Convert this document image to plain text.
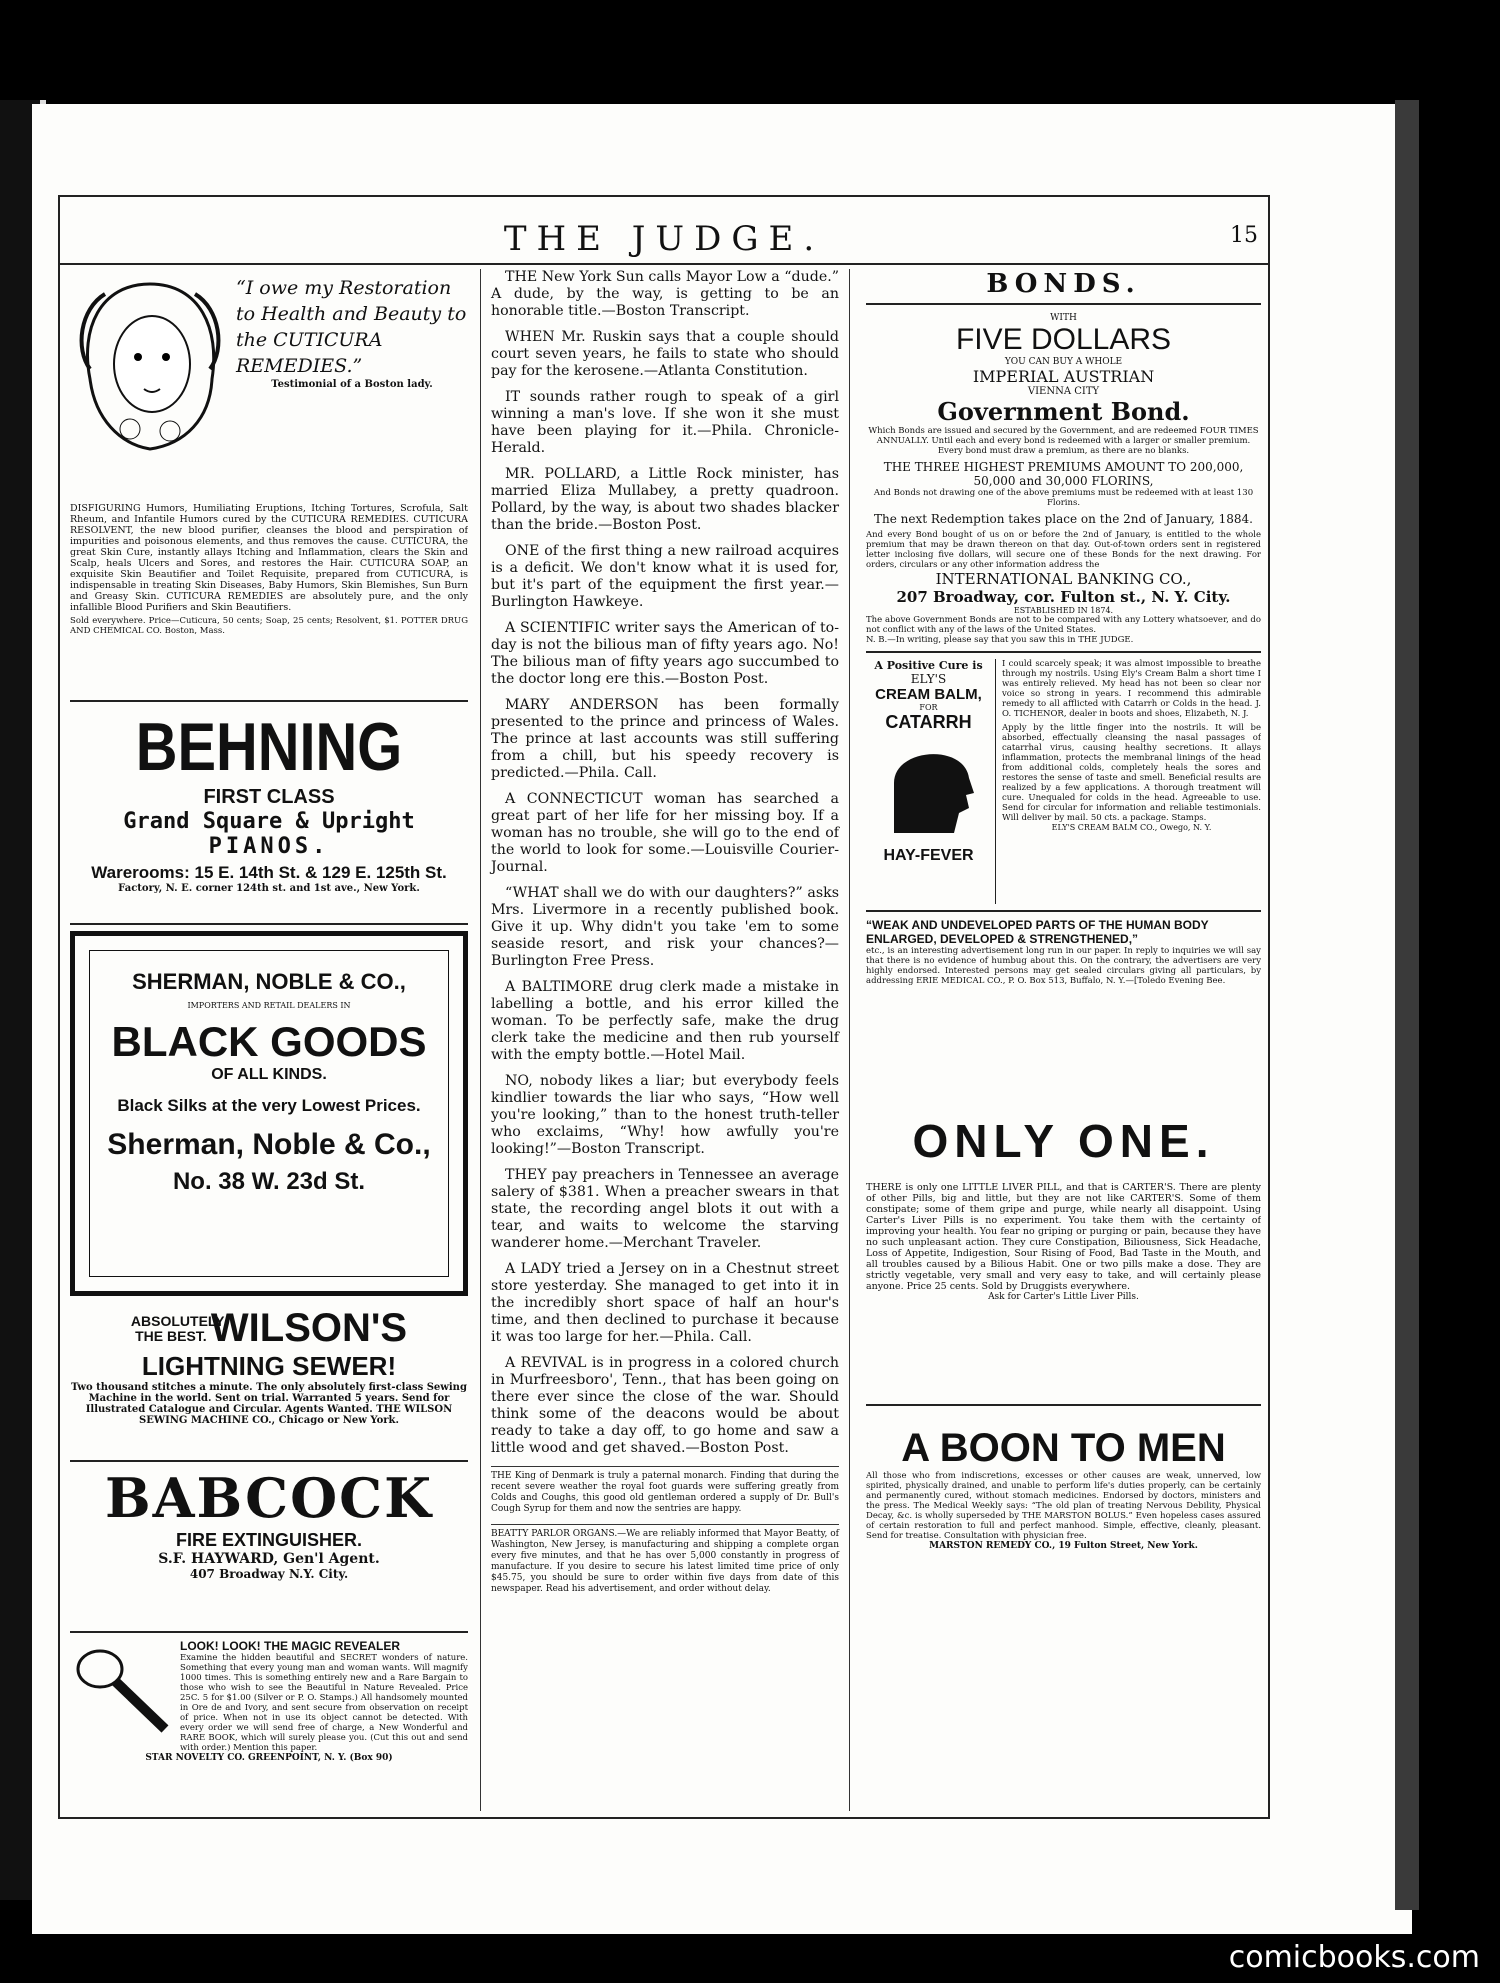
THE JUDGE.	15
“I owe my Restoration to Health and Beauty to the CUTICURA REMEDIES.”
Testimonial of a Boston lady.
DISFIGURING Humors, Humiliating Eruptions, Itching Tortures, Scrofula, Salt Rheum, and Infantile Humors cured by the CUTICURA REMEDIES. CUTICURA RESOLVENT, the new blood purifier, cleanses the blood and perspiration of impurities and poisonous elements, and thus removes the cause. CUTICURA, the great Skin Cure, instantly allays Itching and Inflammation, clears the Skin and Scalp, heals Ulcers and Sores, and restores the Hair. CUTICURA SOAP, an exquisite Skin Beautifier and Toilet Requisite, prepared from CUTICURA, is indispensable in treating Skin Diseases, Baby Humors, Skin Blemishes, Sun Burn and Greasy Skin. CUTICURA REMEDIES are absolutely pure, and the only infallible Blood Purifiers and Skin Beautifiers.
Sold everywhere. Price—Cuticura, 50 cents; Soap, 25 cents; Resolvent, $1. POTTER DRUG AND CHEMICAL CO. Boston, Mass.
BEHNING
FIRST CLASS
Grand Square & Upright
PIANOS.
Warerooms: 15 E. 14th St. & 129 E. 125th St.
Factory, N. E. corner 124th st. and 1st ave., New York.
SHERMAN, NOBLE & CO.,
IMPORTERS AND RETAIL DEALERS IN
BLACK GOODS
OF ALL KINDS.
Black Silks at the very Lowest Prices.
Sherman, Noble & Co.,
No. 38 W. 23d St.
ABSOLUTELY THE BEST. WILSON'S
LIGHTNING SEWER!
Two thousand stitches a minute. The only absolutely first-class Sewing Machine in the world. Sent on trial. Warranted 5 years. Send for Illustrated Catalogue and Circular. Agents Wanted. THE WILSON SEWING MACHINE CO., Chicago or New York.
BABCOCK
FIRE EXTINGUISHER.
S.F. HAYWARD, Gen'l Agent.
407 Broadway N.Y. City.
LOOK! LOOK! THE MAGIC REVEALER
Examine the hidden beautiful and SECRET wonders of nature. Something that every young man and woman wants. Will magnify 1000 times. This is something entirely new and a Rare Bargain to those who wish to see the Beautiful in Nature Revealed. Price 25C. 5 for $1.00 (Silver or P. O. Stamps.) All handsomely mounted in Ore de and Ivory, and sent secure from observation on receipt of price. When not in use its object cannot be detected. With every order we will send free of charge, a New Wonderful and RARE BOOK, which will surely please you. (Cut this out and send with order.) Mention this paper.
STAR NOVELTY CO. GREENPOINT, N. Y. (Box 90)

THE New York Sun calls Mayor Low a “dude.” A dude, by the way, is getting to be an honorable title.—Boston Transcript.

WHEN Mr. Ruskin says that a couple should court seven years, he fails to state who should pay for the kerosene.—Atlanta Constitution.

IT sounds rather rough to speak of a girl winning a man's love. If she won it she must have been playing for it.—Phila. Chronicle-Herald.

MR. POLLARD, a Little Rock minister, has married Eliza Mullabey, a pretty quadroon. Pollard, by the way, is about two shades blacker than the bride.—Boston Post.

ONE of the first thing a new railroad acquires is a deficit. We don't know what it is used for, but it's part of the equipment the first year.—Burlington Hawkeye.

A SCIENTIFIC writer says the American of to-day is not the bilious man of fifty years ago. No! The bilious man of fifty years ago succumbed to the doctor long ere this.—Boston Post.

MARY ANDERSON has been formally presented to the prince and princess of Wales. The prince at last accounts was still suffering from a chill, but his speedy recovery is predicted.—Phila. Call.

A CONNECTICUT woman has searched a great part of her life for her missing boy. If a woman has no trouble, she will go to the end of the world to look for some.—Louisville Courier-Journal.

“WHAT shall we do with our daughters?” asks Mrs. Livermore in a recently published book. Give it up. Why didn't you take 'em to some seaside resort, and risk your chances?—Burlington Free Press.

A BALTIMORE drug clerk made a mistake in labelling a bottle, and his error killed the woman. To be perfectly safe, make the drug clerk take the medicine and then rub yourself with the empty bottle.—Hotel Mail.

NO, nobody likes a liar; but everybody feels kindlier towards the liar who says, “How well you're looking,” than to the honest truth-teller who exclaims, “Why! how awfully you're looking!”—Boston Transcript.

THEY pay preachers in Tennessee an average salery of $381. When a preacher swears in that state, the recording angel blots it out with a tear, and waits to welcome the starving wanderer home.—Merchant Traveler.

A LADY tried a Jersey on in a Chestnut street store yesterday. She managed to get into it in the incredibly short space of half an hour's time, and then declined to purchase it because it was too large for her.—Phila. Call.

A REVIVAL is in progress in a colored church in Murfreesboro', Tenn., that has been going on there ever since the close of the war. Should think some of the deacons would be about ready to take a day off, to go home and saw a little wood and get shaved.—Boston Post.

THE King of Denmark is truly a paternal monarch. Finding that during the recent severe weather the royal foot guards were suffering greatly from Colds and Coughs, this good old gentleman ordered a supply of Dr. Bull's Cough Syrup for them and now the sentries are happy.

BEATTY PARLOR ORGANS.—We are reliably informed that Mayor Beatty, of Washington, New Jersey, is manufacturing and shipping a complete organ every five minutes, and that he has over 5,000 constantly in progress of manufacture. If you desire to secure his latest limited time price of only $45.75, you should be sure to order within five days from date of this newspaper. Read his advertisement, and order without delay.

BONDS.
WITH
FIVE DOLLARS
YOU CAN BUY A WHOLE
IMPERIAL AUSTRIAN
VIENNA CITY
Government Bond.
Which Bonds are issued and secured by the Government, and are redeemed FOUR TIMES ANNUALLY. Until each and every bond is redeemed with a larger or smaller premium. Every bond must draw a premium, as there are no blanks.
THE THREE HIGHEST PREMIUMS AMOUNT TO 200,000, 50,000 and 30,000 FLORINS,
And Bonds not drawing one of the above premiums must be redeemed with at least 130 Florins.
The next Redemption takes place on the 2nd of January, 1884.
And every Bond bought of us on or before the 2nd of January, is entitled to the whole premium that may be drawn thereon on that day. Out-of-town orders sent in registered letter inclosing five dollars, will secure one of these Bonds for the next drawing. For orders, circulars or any other information address the
INTERNATIONAL BANKING CO.,
207 Broadway, cor. Fulton st., N. Y. City.
ESTABLISHED IN 1874.
The above Government Bonds are not to be compared with any Lottery whatsoever, and do not conflict with any of the laws of the United States.
N. B.—In writing, please say that you saw this in THE JUDGE.
A Positive Cure is
ELY'S
CREAM BALM,
FOR
CATARRH
HAY-FEVER
I could scarcely speak; it was almost impossible to breathe through my nostrils. Using Ely's Cream Balm a short time I was entirely relieved. My head has not been so clear nor voice so strong in years. I recommend this admirable remedy to all afflicted with Catarrh or Colds in the head. J. O. TICHENOR, dealer in boots and shoes, Elizabeth, N. J.
Apply by the little finger into the nostrils. It will be absorbed, effectually cleansing the nasal passages of catarrhal virus, causing healthy secretions. It allays inflammation, protects the membranal linings of the head from additional colds, completely heals the sores and restores the sense of taste and smell. Beneficial results are realized by a few applications. A thorough treatment will cure. Unequaled for colds in the head. Agreeable to use. Send for circular for information and reliable testimonials. Will deliver by mail. 50 cts. a package. Stamps.
ELY'S CREAM BALM CO., Owego, N. Y.
“WEAK AND UNDEVELOPED PARTS OF THE HUMAN BODY ENLARGED, DEVELOPED & STRENGTHENED,”
etc., is an interesting advertisement long run in our paper. In reply to inquiries we will say that there is no evidence of humbug about this. On the contrary, the advertisers are very highly endorsed. Interested persons may get sealed circulars giving all particulars, by addressing ERIE MEDICAL CO., P. O. Box 513, Buffalo, N. Y.—[Toledo Evening Bee.
ONLY ONE.
THERE is only one LITTLE LIVER PILL, and that is CARTER'S. There are plenty of other Pills, big and little, but they are not like CARTER'S. Some of them constipate; some of them gripe and purge, while nearly all disappoint. Using Carter's Liver Pills is no experiment. You take them with the certainty of improving your health. You fear no griping or purging or pain, because they have no such unpleasant action. They cure Constipation, Biliousness, Sick Headache, Loss of Appetite, Indigestion, Sour Rising of Food, Bad Taste in the Mouth, and all troubles caused by a Bilious Habit. One or two pills make a dose. They are strictly vegetable, very small and very easy to take, and will certainly please anyone. Price 25 cents. Sold by Druggists everywhere.
Ask for Carter's Little Liver Pills.
A BOON TO MEN
All those who from indiscretions, excesses or other causes are weak, unnerved, low spirited, physically drained, and unable to perform life's duties properly, can be certainly and permanently cured, without stomach medicines. Endorsed by doctors, ministers and the press. The Medical Weekly says: “The old plan of treating Nervous Debility, Physical Decay, &c. is wholly superseded by THE MARSTON BOLUS.” Even hopeless cases assured of certain restoration to full and perfect manhood. Simple, effective, cleanly, pleasant. Send for treatise. Consultation with physician free.
MARSTON REMEDY CO., 19 Fulton Street, New York.
comicbooks.com
